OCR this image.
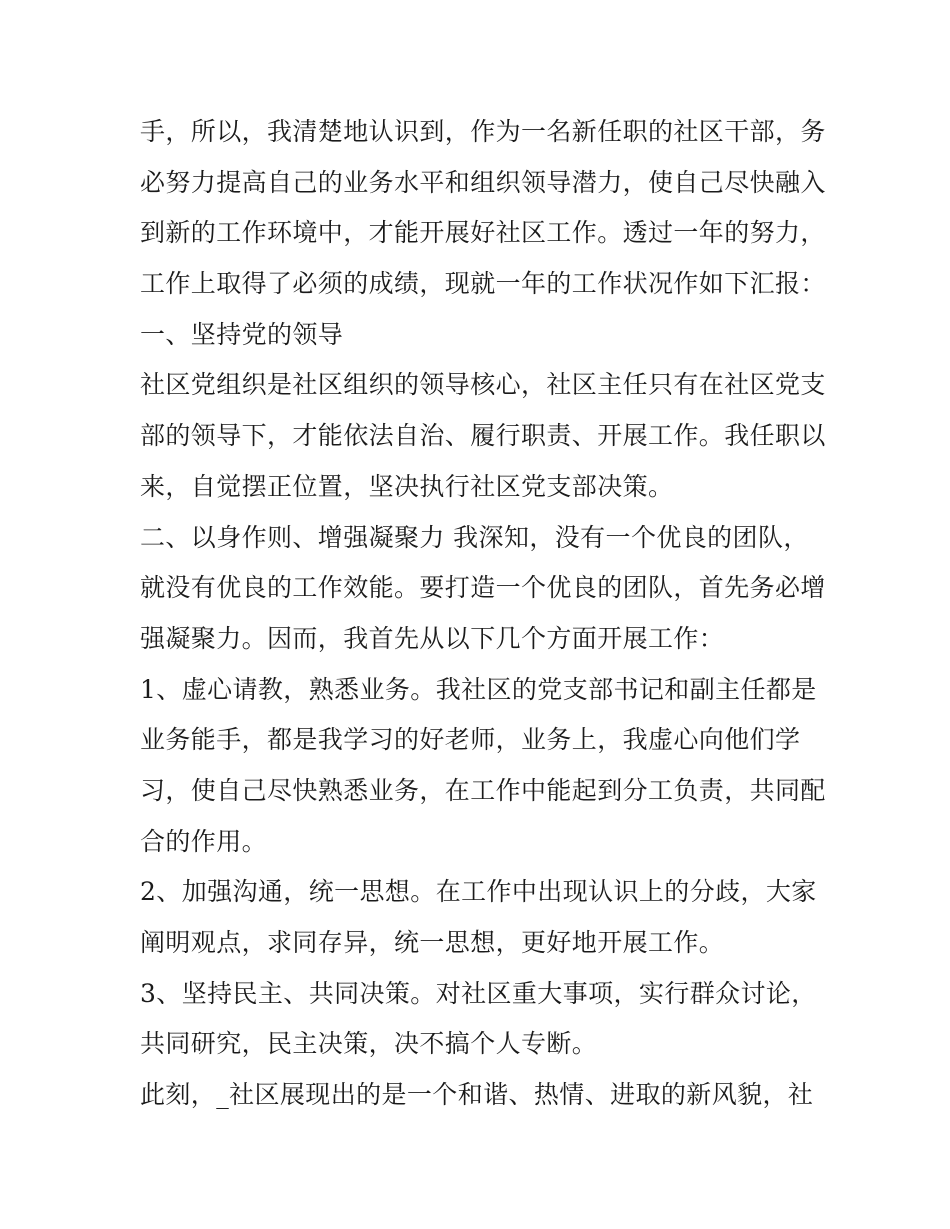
手，所以，我清楚地认识到，作为一名新任职的社区干部，务
必努力提高自己的业务水平和组织领导潜力，使自己尽快融入
到新的工作环境中，才能开展好社区工作。透过一年的努力，
工作上取得了必须的成绩，现就一年的工作状况作如下汇报：
一、坚持党的领导
社区党组织是社区组织的领导核心，社区主任只有在社区党支
部的领导下，才能依法自治、履行职责、开展工作。我任职以
来，自觉摆正位置，坚决执行社区党支部决策。
二、以身作则、增强凝聚力 我深知，没有一个优良的团队，
就没有优良的工作效能。要打造一个优良的团队，首先务必增
强凝聚力。因而，我首先从以下几个方面开展工作：
1、虚心请教，熟悉业务。我社区的党支部书记和副主任都是
业务能手，都是我学习的好老师，业务上，我虚心向他们学
习，使自己尽快熟悉业务，在工作中能起到分工负责，共同配
合的作用。
2、加强沟通，统一思想。在工作中出现认识上的分歧，大家
阐明观点，求同存异，统一思想，更好地开展工作。
3、坚持民主、共同决策。对社区重大事项，实行群众讨论，
共同研究，民主决策，决不搞个人专断。
此刻，_社区展现出的是一个和谐、热情、进取的新风貌，社
